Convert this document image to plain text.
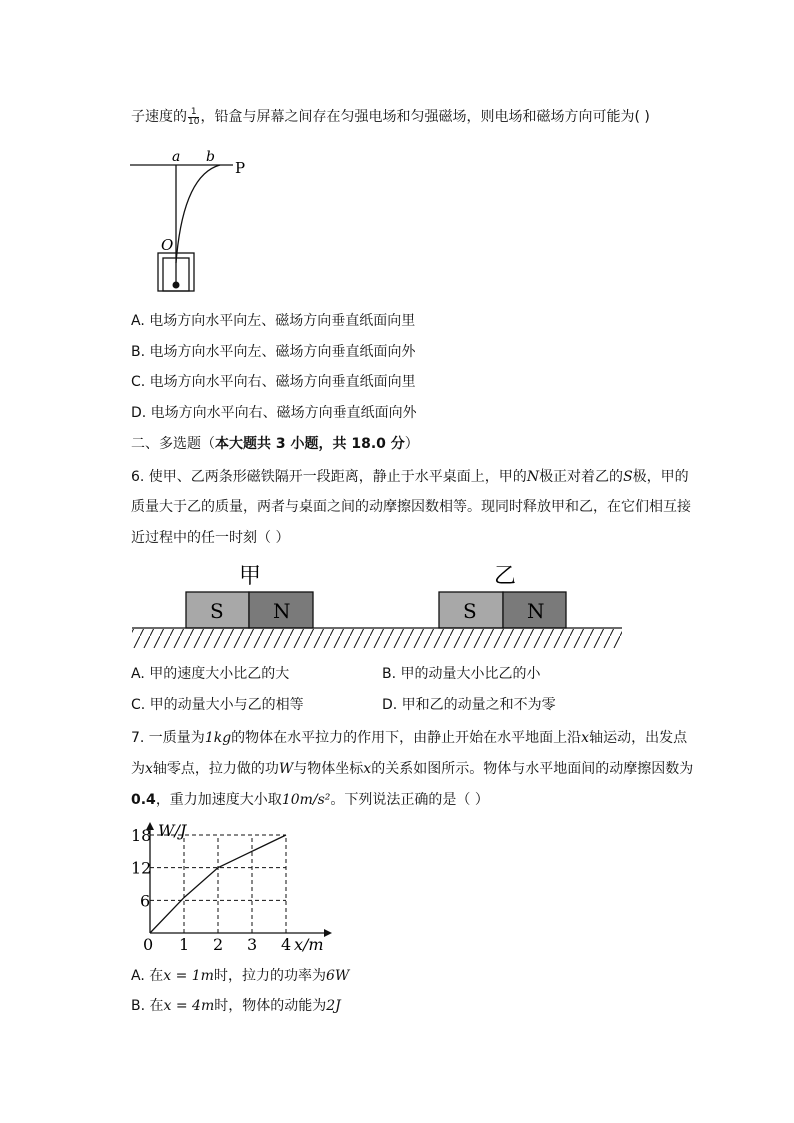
子速度的 $\frac{1}{10}$ ，铅盒与屏幕之间存在匀强电场和匀强磁场，则电场和磁场方向可能为( )
a b
P
O
A. 电场方向水平向左、磁场方向垂直纸面向里
B. 电场方向水平向左、磁场方向垂直纸面向外
C. 电场方向水平向右、磁场方向垂直纸面向里
D. 电场方向水平向右、磁场方向垂直纸面向外
二、多选题（本大题共 3 小题，共 18.0 分）
6. 使甲、乙两条形磁铁隔开一段距离，静止于水平桌面上，甲的N极正对着乙的S极，甲的
质量大于乙的质量，两者与桌面之间的动摩擦因数相等。现同时释放甲和乙，在它们相互接
近过程中的任一时刻（ ）
甲	乙
S N	S	N
A. 甲的速度大小比乙的大	B. 甲的动量大小比乙的小
C. 甲的动量大小与乙的相等	D. 甲和乙的动量之和不为零
7. 一质量为1kg的物体在水平拉力的作用下，由静止开始在水平地面上沿x轴运动，出发点
为x轴零点，拉力做的功W与物体坐标x的关系如图所示。物体与水平地面间的动摩擦因数为
0.4，重力加速度大小取10m/s²。下列说法正确的是（ ）
W/J
x/m
0 1 2 3 4
6
12
18
A. 在x = 1m时，拉力的功率为6W
B. 在x = 4m时，物体的动能为2J
